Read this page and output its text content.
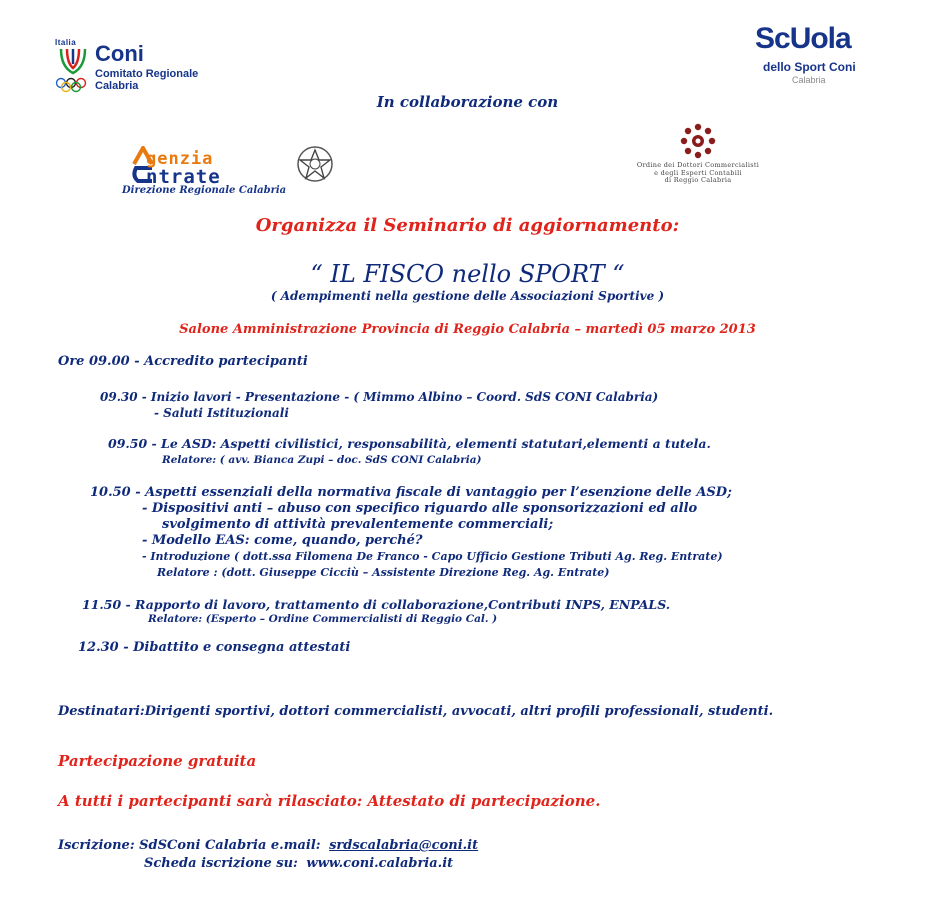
Italia Coni
Comitato Regionale
Calabria
ScUola
dello Sport Coni
Calabria
In collaborazione con
genzia
ntrate
Direzione Regionale Calabria
Ordine dei Dottori Commercialisti
e degli Esperti Contabili
di Reggio Calabria
Organizza il Seminario di aggiornamento:
“ IL FISCO nello SPORT “
( Adempimenti nella gestione delle Associazioni Sportive )
Salone Amministrazione Provincia di Reggio Calabria – martedì 05 marzo 2013
Ore 09.00 - Accredito partecipanti
09.30 - Inizio lavori - Presentazione - ( Mimmo Albino – Coord. SdS CONI Calabria)
- Saluti Istituzionali
09.50 - Le ASD: Aspetti civilistici, responsabilità, elementi statutari,elementi a tutela.
Relatore: ( avv. Bianca Zupi – doc. SdS CONI Calabria)
10.50 - Aspetti essenziali della normativa fiscale di vantaggio per l’esenzione delle ASD;
- Dispositivi anti – abuso con specifico riguardo alle sponsorizzazioni ed allo
svolgimento di attività prevalentemente commerciali;
- Modello EAS: come, quando, perché?
- Introduzione ( dott.ssa Filomena De Franco - Capo Ufficio Gestione Tributi Ag. Reg. Entrate)
Relatore : (dott. Giuseppe Cicciù – Assistente Direzione Reg. Ag. Entrate)
11.50 - Rapporto di lavoro, trattamento di collaborazione,Contributi INPS, ENPALS.
Relatore: (Esperto – Ordine Commercialisti di Reggio Cal. )
12.30 - Dibattito e consegna attestati
Destinatari:Dirigenti sportivi, dottori commercialisti, avvocati, altri profili professionali, studenti.
Partecipazione gratuita
A tutti i partecipanti sarà rilasciato: Attestato di partecipazione.
Iscrizione: SdSConi Calabria e.mail: srdscalabria@coni.it
Scheda iscrizione su: www.coni.calabria.it
